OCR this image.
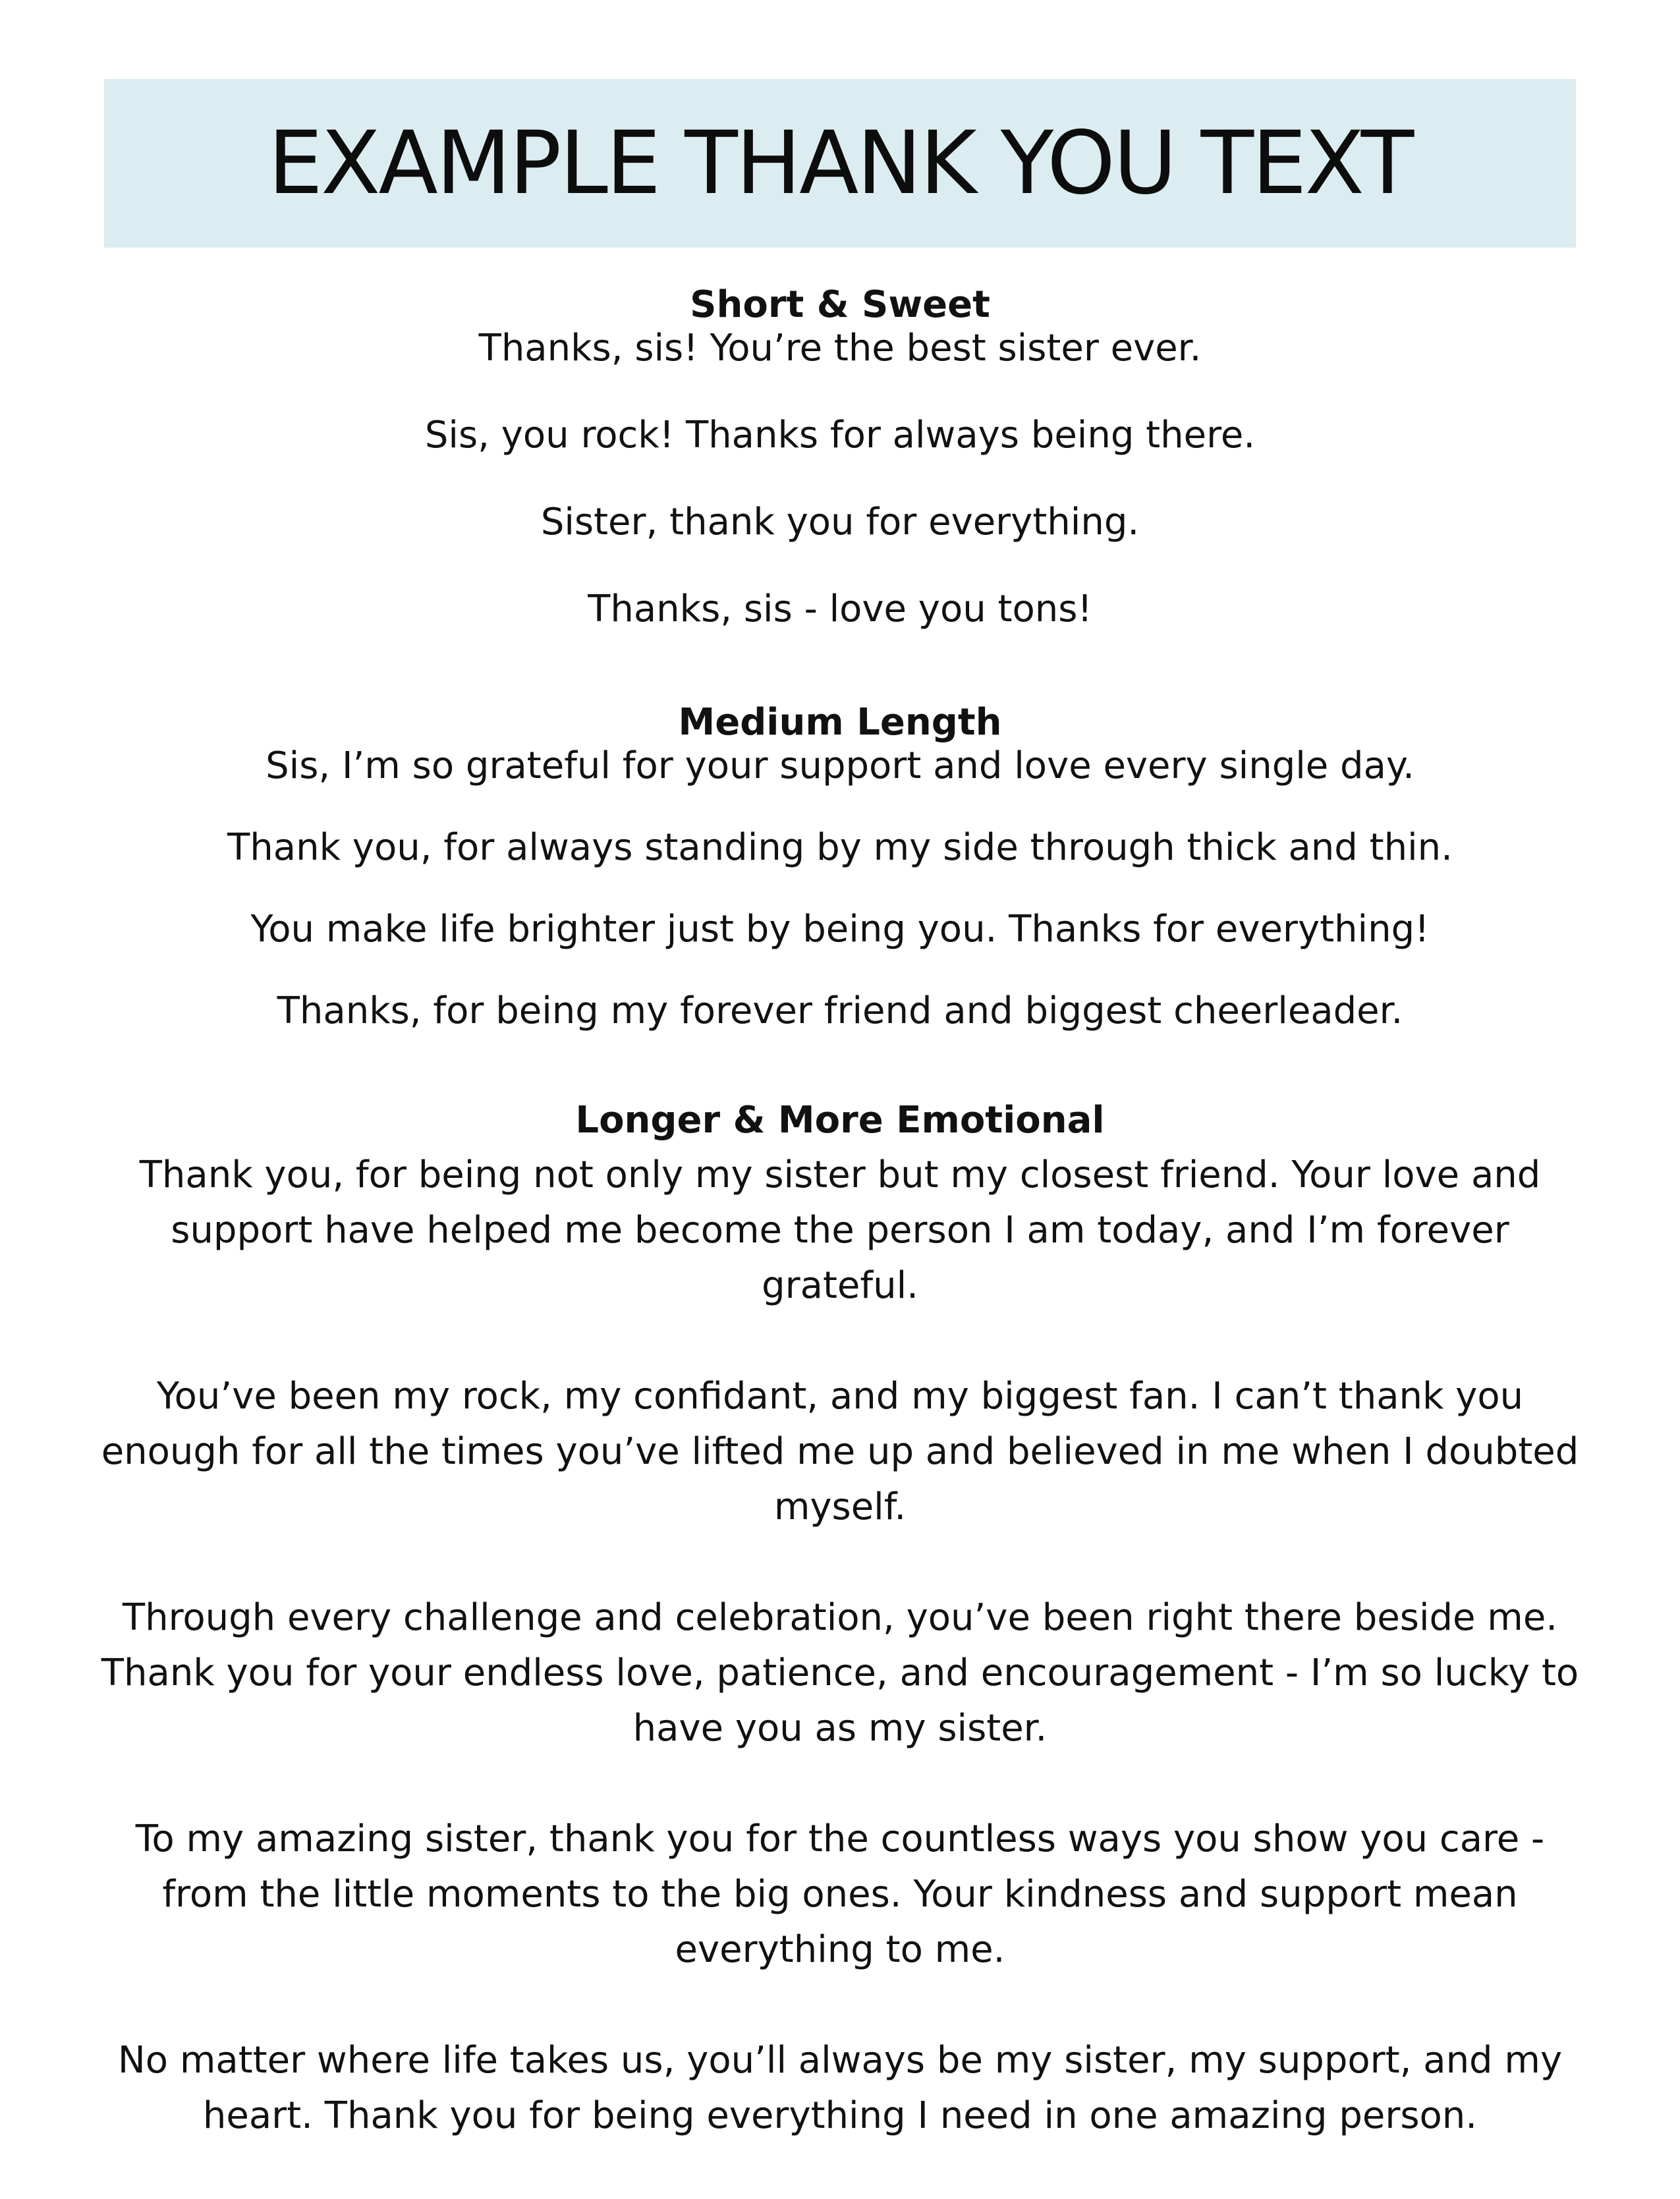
EXAMPLE THANK YOU TEXT

Short & Sweet

Thanks, sis! You’re the best sister ever.

Sis, you rock! Thanks for always being there.

Sister, thank you for everything.

Thanks, sis - love you tons!

Medium Length

Sis, I’m so grateful for your support and love every single day.

Thank you, for always standing by my side through thick and thin.

You make life brighter just by being you. Thanks for everything!

Thanks, for being my forever friend and biggest cheerleader.

Longer & More Emotional

Thank you, for being not only my sister but my closest friend. Your love and support have helped me become the person I am today, and I’m forever grateful.

You’ve been my rock, my confidant, and my biggest fan. I can’t thank you enough for all the times you’ve lifted me up and believed in me when I doubted myself.

Through every challenge and celebration, you’ve been right there beside me. Thank you for your endless love, patience, and encouragement - I’m so lucky to have you as my sister.

To my amazing sister, thank you for the countless ways you show you care - from the little moments to the big ones. Your kindness and support mean everything to me.

No matter where life takes us, you’ll always be my sister, my support, and my heart. Thank you for being everything I need in one amazing person.
